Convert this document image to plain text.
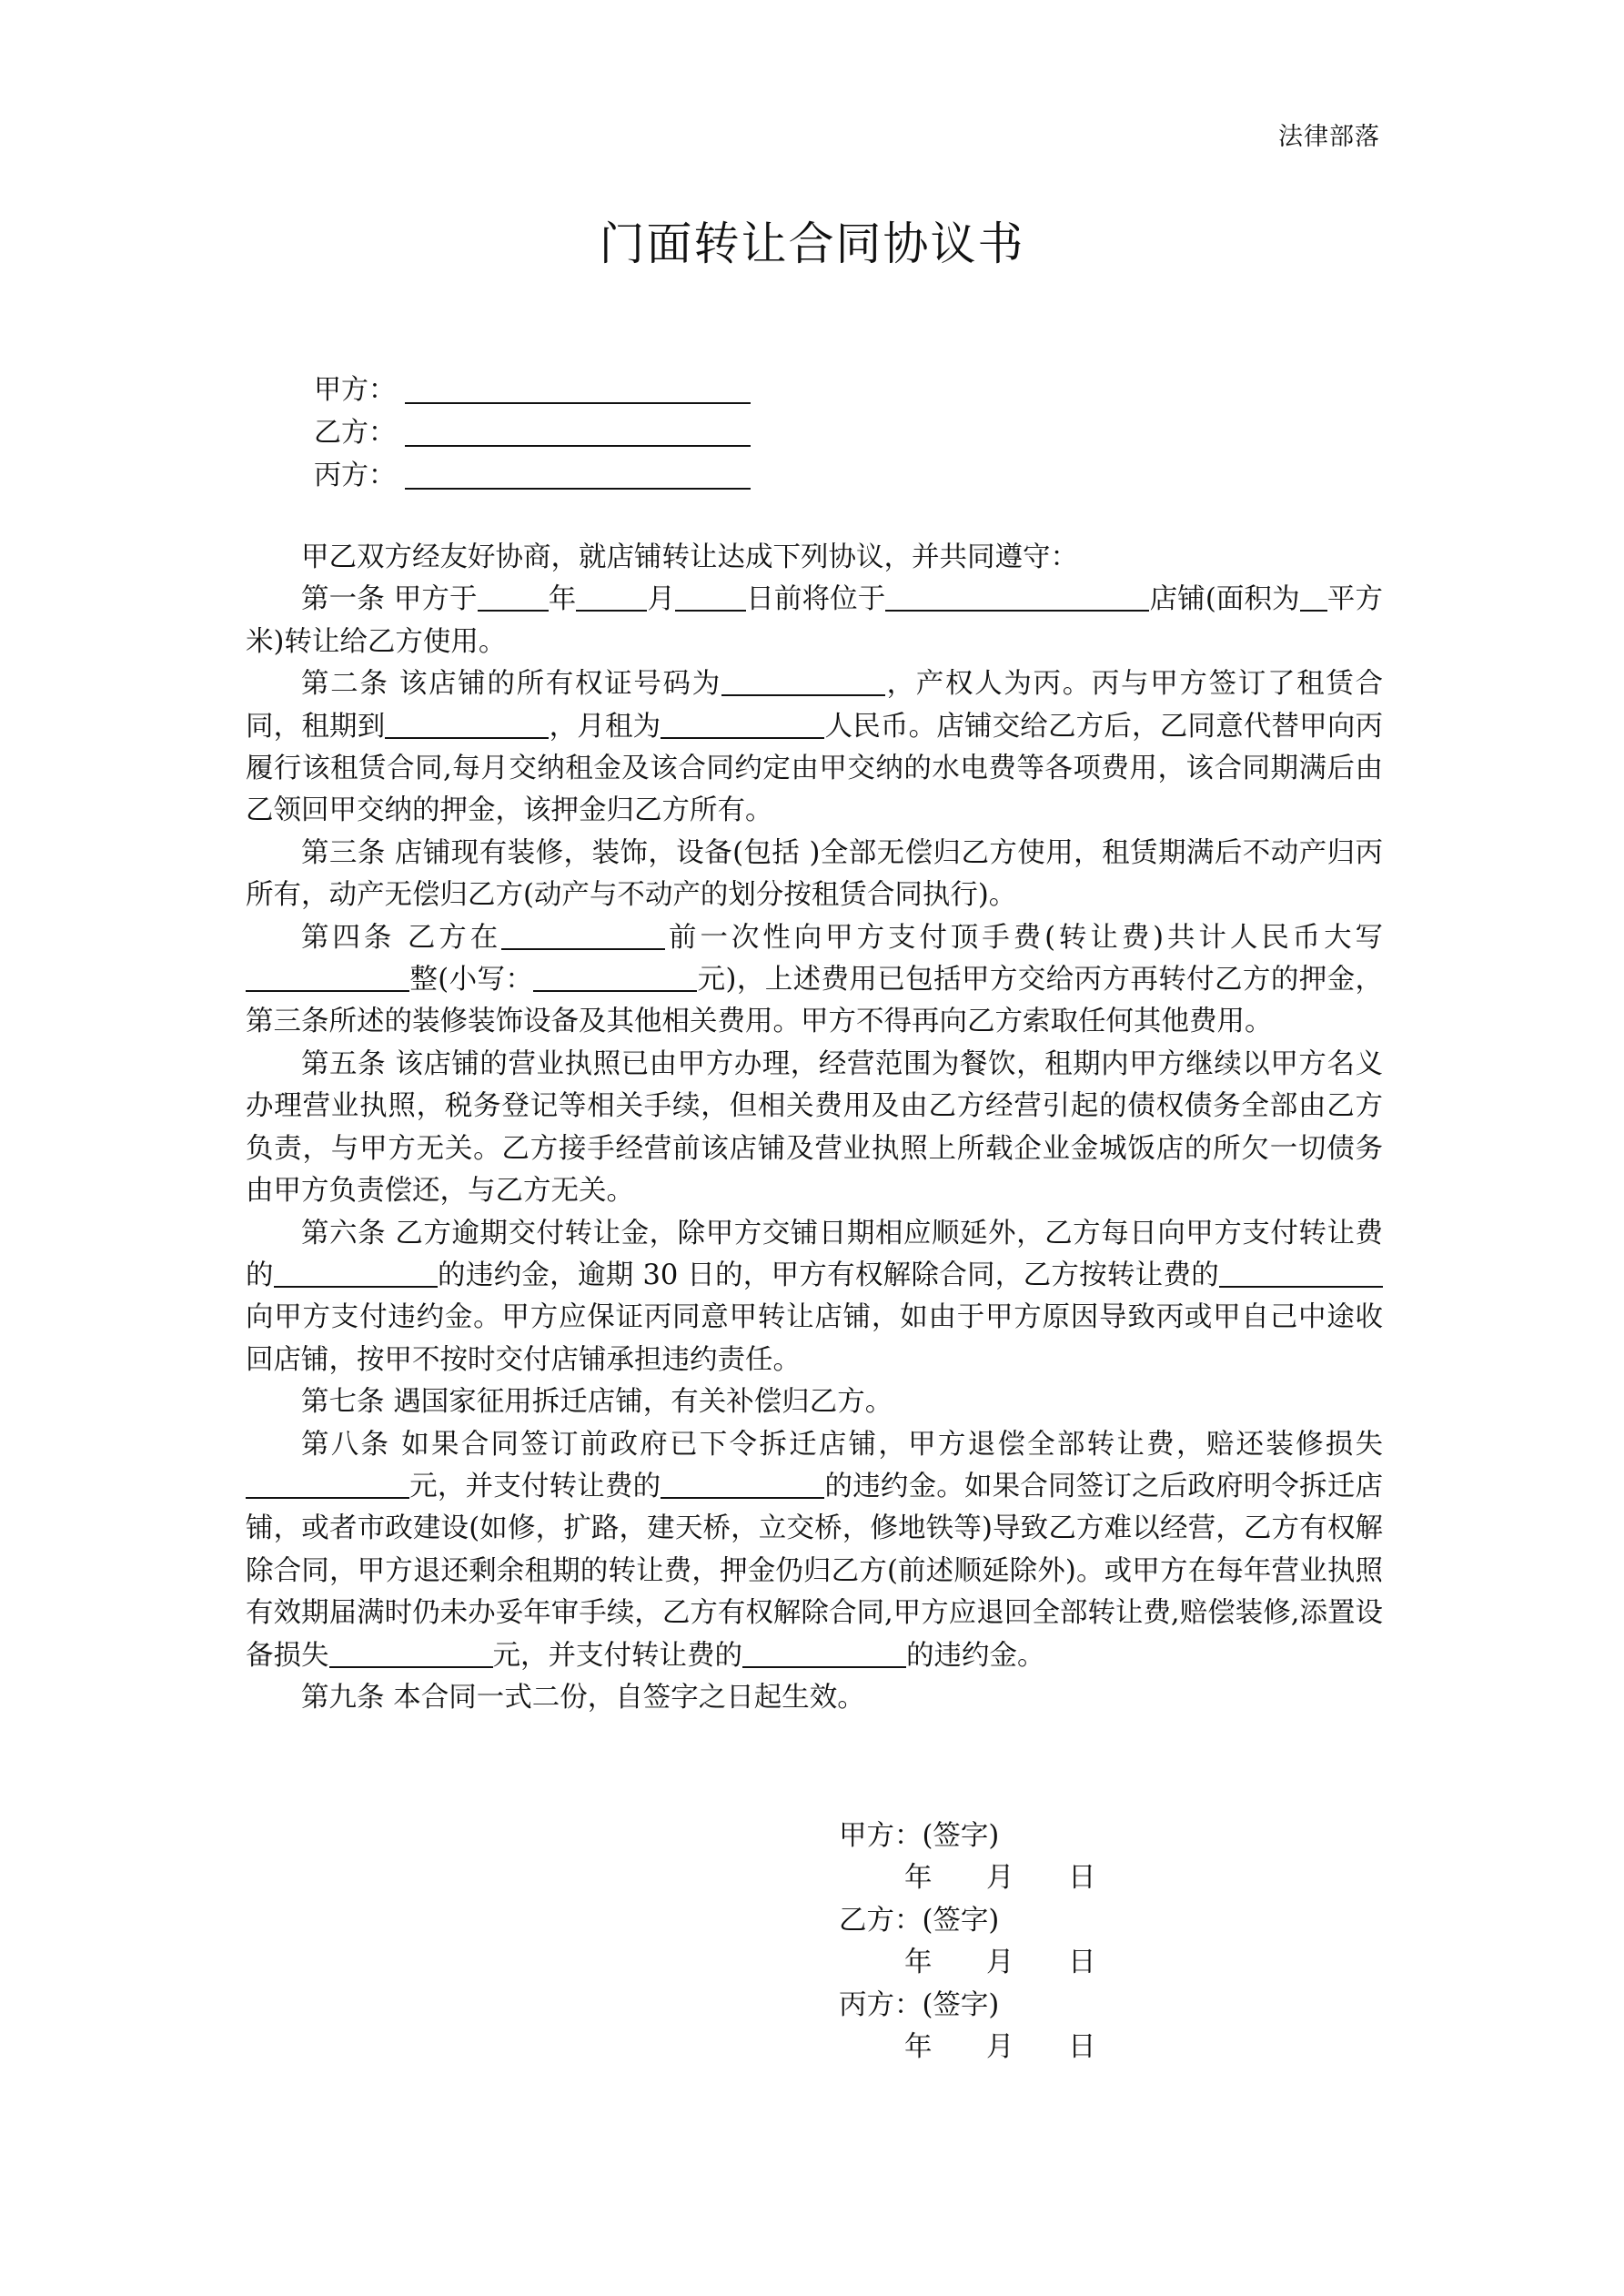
法律部落
门面转让合同协议书
甲方：
乙方：
丙方：

甲乙双方经友好协商，就店铺转让达成下列协议，并共同遵守：

第一条 甲方于	年	月	日前将位于	店铺(面积为 平方米)转让给乙方使用。

第二条 该店铺的所有权证号码为	，产权人为丙。丙与甲方签订了租赁合同，租期到	，月租为	人民币。店铺交给乙方后，乙同意代替甲向丙履行该租赁合同,每月交纳租金及该合同约定由甲交纳的水电费等各项费用，该合同期满后由乙领回甲交纳的押金，该押金归乙方所有。

第三条 店铺现有装修，装饰，设备(包括 )全部无偿归乙方使用，租赁期满后不动产归丙所有，动产无偿归乙方(动产与不动产的划分按租赁合同执行)。

第四条 乙方在	前一次性向甲方支付顶手费(转让费)共计人民币大写整(小写：	元)，上述费用已包括甲方交给丙方再转付乙方的押金，第三条所述的装修装饰设备及其他相关费用。甲方不得再向乙方索取任何其他费用。

第五条 该店铺的营业执照已由甲方办理，经营范围为餐饮，租期内甲方继续以甲方名义办理营业执照，税务登记等相关手续，但相关费用及由乙方经营引起的债权债务全部由乙方负责，与甲方无关。乙方接手经营前该店铺及营业执照上所载企业金城饭店的所欠一切债务由甲方负责偿还，与乙方无关。

第六条 乙方逾期交付转让金，除甲方交铺日期相应顺延外，乙方每日向甲方支付转让费的	的违约金，逾期 30 日的，甲方有权解除合同，乙方按转让费的向甲方支付违约金。甲方应保证丙同意甲转让店铺，如由于甲方原因导致丙或甲自己中途收回店铺，按甲不按时交付店铺承担违约责任。

第七条 遇国家征用拆迁店铺，有关补偿归乙方。

第八条 如果合同签订前政府已下令拆迁店铺，甲方退偿全部转让费，赔还装修损失元，并支付转让费的	的违约金。如果合同签订之后政府明令拆迁店铺，或者市政建设(如修，扩路，建天桥，立交桥，修地铁等)导致乙方难以经营，乙方有权解除合同，甲方退还剩余租期的转让费，押金仍归乙方(前述顺延除外)。或甲方在每年营业执照有效期届满时仍未办妥年审手续，乙方有权解除合同,甲方应退回全部转让费,赔偿装修,添置设备损失	元，并支付转让费的	的违约金。

第九条 本合同一式二份，自签字之日起生效。

甲方：(签字)
年	月	日
乙方：(签字)
年	月	日
丙方：(签字)
年	月	日
